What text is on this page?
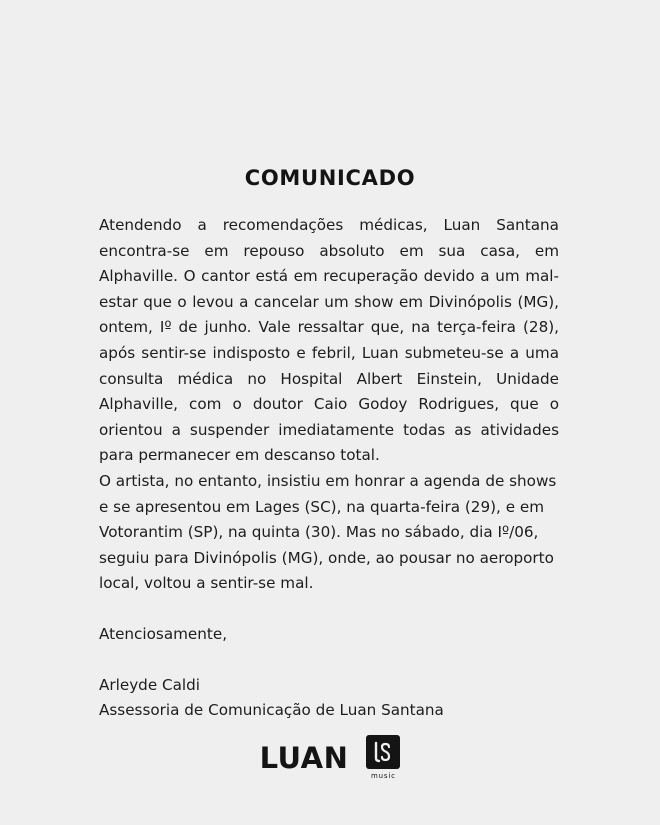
COMUNICADO

Atendendo a recomendações médicas, Luan Santana encontra-se em repouso absoluto em sua casa, em Alphaville. O cantor está em recuperação devido a um mal-estar que o levou a cancelar um show em Divinópolis (MG), ontem, Iº de junho. Vale ressaltar que, na terça-feira (28), após sentir-se indisposto e febril, Luan submeteu-se a uma consulta médica no Hospital Albert Einstein, Unidade Alphaville, com o doutor Caio Godoy Rodrigues, que o orientou a suspender imediatamente todas as atividades para permanecer em descanso total.

O artista, no entanto, insistiu em honrar a agenda de shows e se apresentou em Lages (SC), na quarta-feira (29), e em Votorantim (SP), na quinta (30). Mas no sábado, dia Iº/06, seguiu para Divinópolis (MG), onde, ao pousar no aeroporto local, voltou a sentir-se mal.

Atenciosamente,
Arleyde Caldi
Assessoria de Comunicação de Luan Santana
LUAN
music
